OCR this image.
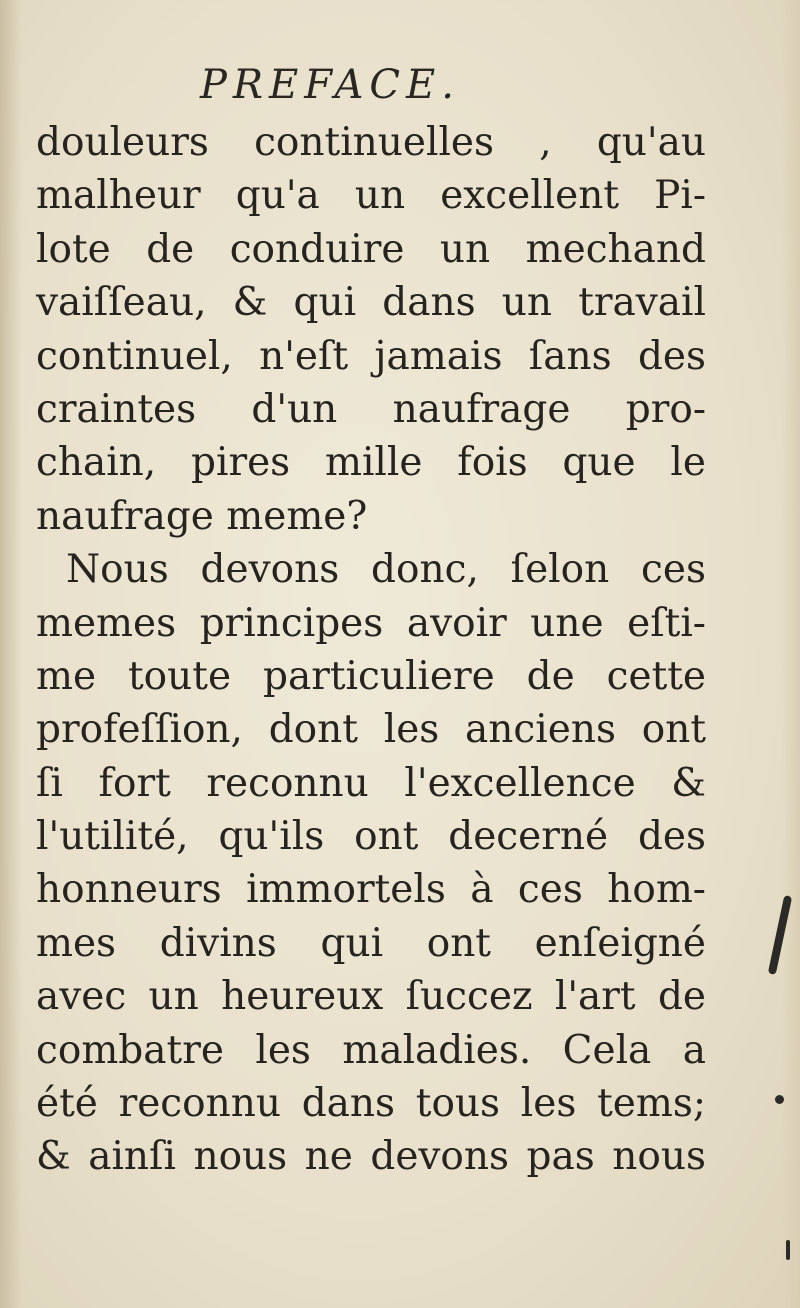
PREFACE.
douleurs continuelles , qu'au
malheur qu'a un excellent Pi-
lote de conduire un mechand
vaiſſeau, & qui dans un travail
continuel, n'eſt jamais ſans des
craintes d'un naufrage pro-
chain, pires mille fois que le
naufrage meme?
Nous devons donc, ſelon ces
memes principes avoir une eſti-
me toute particuliere de cette
profeſſion, dont les anciens ont
ſi fort reconnu l'excellence &
l'utilité, qu'ils ont decerné des
honneurs immortels à ces hom-
mes divins qui ont enſeigné
avec un heureux ſuccez l'art de
combatre les maladies. Cela a
été reconnu dans tous les tems;
& ainſi nous ne devons pas nous
